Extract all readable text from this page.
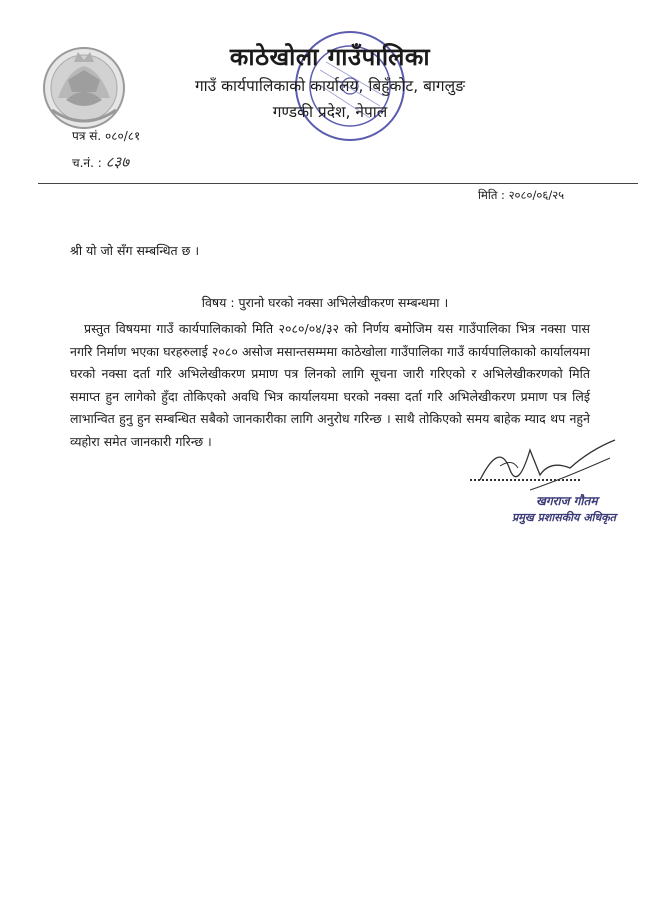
काठेखोला गाउँपालिका
गाउँ कार्यपालिकाको कार्यालय, बिहुँकोट, बागलुङ
गण्डकी प्रदेश, नेपाल
पत्र सं. ०८०/८१
च.नं. : ८३७
मिति : २०८०/०६/२५
श्री यो जो सँग सम्बन्धित छ ।
विषय : पुरानो घरको नक्सा अभिलेखीकरण सम्बन्धमा ।
प्रस्तुत विषयमा गाउँ कार्यपालिकाको मिति २०८०/०४/३२ को निर्णय बमोजिम यस गाउँपालिका भित्र नक्सा पास नगरि निर्माण भएका घरहरुलाई २०८० असोज मसान्तसम्ममा काठेखोला गाउँपालिका गाउँ कार्यपालिकाको कार्यालयमा घरको नक्सा दर्ता गरि अभिलेखीकरण प्रमाण पत्र लिनको लागि सूचना जारी गरिएको र अभिलेखीकरणको मिति समाप्त हुन लागेको हुँदा तोकिएको अवधि भित्र कार्यालयमा घरको नक्सा दर्ता गरि अभिलेखीकरण प्रमाण पत्र लिई लाभान्वित हुनु हुन सम्बन्धित सबैको जानकारीका लागि अनुरोध गरिन्छ । साथै तोकिएको समय बाहेक म्याद थप नहुने व्यहोरा समेत जानकारी गरिन्छ ।
खगराज गौतम
प्रमुख प्रशासकीय अधिकृत
